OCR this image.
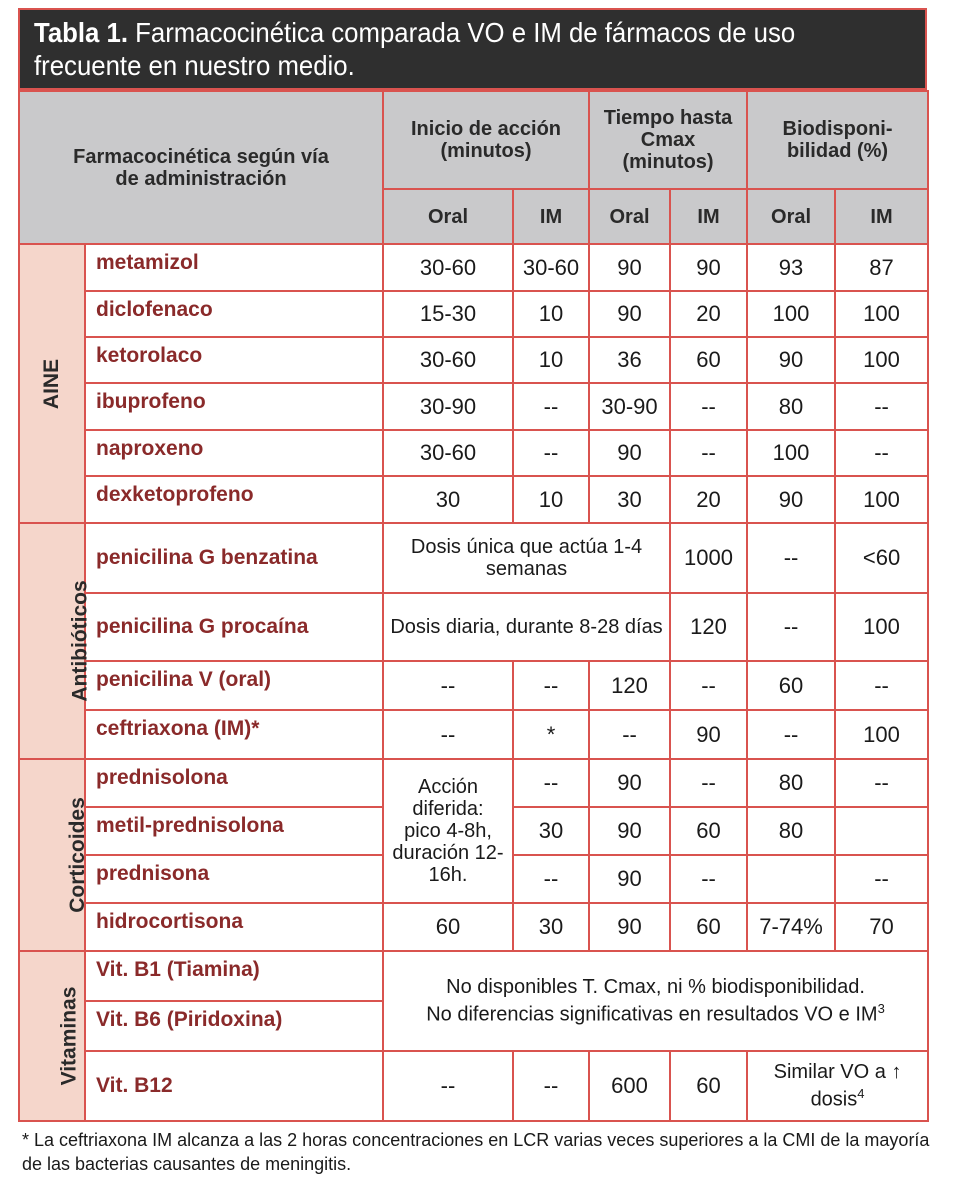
Tabla 1. Farmacocinética comparada VO e IM de fármacos de uso frecuente en nuestro medio.
Farmacocinética según vía de administración		Inicio de acción (minutos)		Tiempo hasta Cmax (minutos)		Biodisponi-bilidad (%)	
		Oral	IM	Oral	IM	Oral	IM
AINE	metamizol	30-60	30-60	90	90	93	87
	diclofenaco	15-30	10	90	20	100	100
	ketorolaco	30-60	10	36	60	90	100
	ibuprofeno	30-90	--	30-90	--	80	--
	naproxeno	30-60	--	90	--	100	--
	dexketoprofeno	30	10	30	20	90	100
Antibióticos	penicilina G benzatina	Dosis única que actúa 1-4 semanas			1000	--	<60
	penicilina G procaína	Dosis diaria, durante 8-28 días			120	--	100
	penicilina V (oral)	--	--	120	--	60	--
	ceftriaxona (IM)*	--	*	--	90	--	100
Corticoides	prednisolona	Acción diferida: pico 4-8h, duración 12-16h.	--	90	--	80	--
	metil-prednisolona		30	90	60	80	
	prednisona		--	90	--		--
	hidrocortisona	60	30	90	60	7-74%	70
Vitaminas	Vit. B1 (Tiamina)	No disponibles T. Cmax, ni % biodisponibilidad.
No diferencias significativas en resultados VO e $IM^3$

	Vit. B6 (Piridoxina)						
	Vit. B12	--	--	600	60	Similar VO a ↑
dosis$^4$
* La ceftriaxona IM alcanza a las 2 horas concentraciones en LCR varias veces superiores a la CMI de la mayoría de las bacterias causantes de meningitis.
